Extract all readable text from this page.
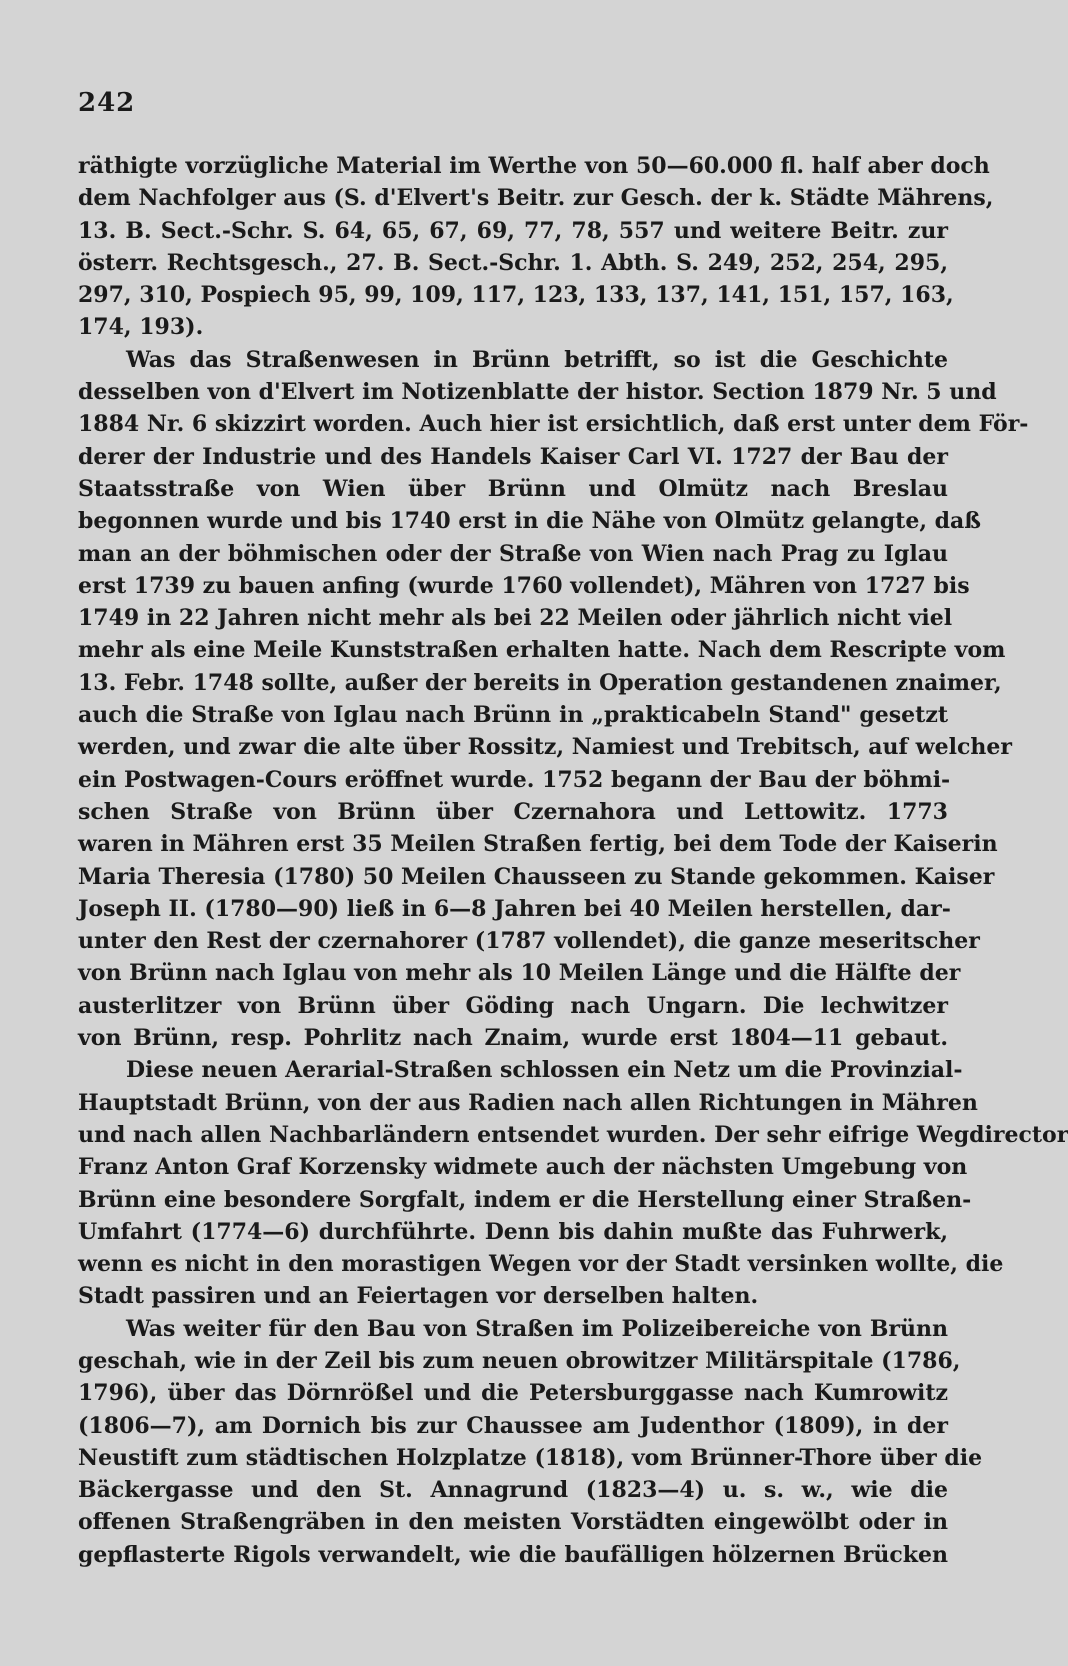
242
räthigte vorzügliche Material im Werthe von 50—60.000 fl. half aber doch
dem Nachfolger aus (S. d'Elvert's Beitr. zur Gesch. der k. Städte Mährens,
13. B. Sect.-Schr. S. 64, 65, 67, 69, 77, 78, 557 und weitere Beitr. zur
österr. Rechtsgesch., 27. B. Sect.-Schr. 1. Abth. S. 249, 252, 254, 295,
297, 310, Pospiech 95, 99, 109, 117, 123, 133, 137, 141, 151, 157, 163,
174, 193).
Was das Straßenwesen in Brünn betrifft, so ist die Geschichte
desselben von d'Elvert im Notizenblatte der histor. Section 1879 Nr. 5 und
1884 Nr. 6 skizzirt worden. Auch hier ist ersichtlich, daß erst unter dem För-
derer der Industrie und des Handels Kaiser Carl VI. 1727 der Bau der
Staatsstraße von Wien über Brünn und Olmütz nach Breslau
begonnen wurde und bis 1740 erst in die Nähe von Olmütz gelangte, daß
man an der böhmischen oder der Straße von Wien nach Prag zu Iglau
erst 1739 zu bauen anfing (wurde 1760 vollendet), Mähren von 1727 bis
1749 in 22 Jahren nicht mehr als bei 22 Meilen oder jährlich nicht viel
mehr als eine Meile Kunststraßen erhalten hatte. Nach dem Rescripte vom
13. Febr. 1748 sollte, außer der bereits in Operation gestandenen znaimer,
auch die Straße von Iglau nach Brünn in „prakticabeln Stand" gesetzt
werden, und zwar die alte über Rossitz, Namiest und Trebitsch, auf welcher
ein Postwagen-Cours eröffnet wurde. 1752 begann der Bau der böhmi-
schen Straße von Brünn über Czernahora und Lettowitz. 1773
waren in Mähren erst 35 Meilen Straßen fertig, bei dem Tode der Kaiserin
Maria Theresia (1780) 50 Meilen Chausseen zu Stande gekommen. Kaiser
Joseph II. (1780—90) ließ in 6—8 Jahren bei 40 Meilen herstellen, dar-
unter den Rest der czernahorer (1787 vollendet), die ganze meseritscher
von Brünn nach Iglau von mehr als 10 Meilen Länge und die Hälfte der
austerlitzer von Brünn über Göding nach Ungarn. Die lechwitzer
von Brünn, resp. Pohrlitz nach Znaim, wurde erst 1804—11 gebaut.
Diese neuen Aerarial-Straßen schlossen ein Netz um die Provinzial-
Hauptstadt Brünn, von der aus Radien nach allen Richtungen in Mähren
und nach allen Nachbarländern entsendet wurden. Der sehr eifrige Wegdirector
Franz Anton Graf Korzensky widmete auch der nächsten Umgebung von
Brünn eine besondere Sorgfalt, indem er die Herstellung einer Straßen-
Umfahrt (1774—6) durchführte. Denn bis dahin mußte das Fuhrwerk,
wenn es nicht in den morastigen Wegen vor der Stadt versinken wollte, die
Stadt passiren und an Feiertagen vor derselben halten.
Was weiter für den Bau von Straßen im Polizeibereiche von Brünn
geschah, wie in der Zeil bis zum neuen obrowitzer Militärspitale (1786,
1796), über das Dörnrößel und die Petersburggasse nach Kumrowitz
(1806—7), am Dornich bis zur Chaussee am Judenthor (1809), in der
Neustift zum städtischen Holzplatze (1818), vom Brünner-Thore über die
Bäckergasse und den St. Annagrund (1823—4) u. s. w., wie die
offenen Straßengräben in den meisten Vorstädten eingewölbt oder in
gepflasterte Rigols verwandelt, wie die baufälligen hölzernen Brücken
